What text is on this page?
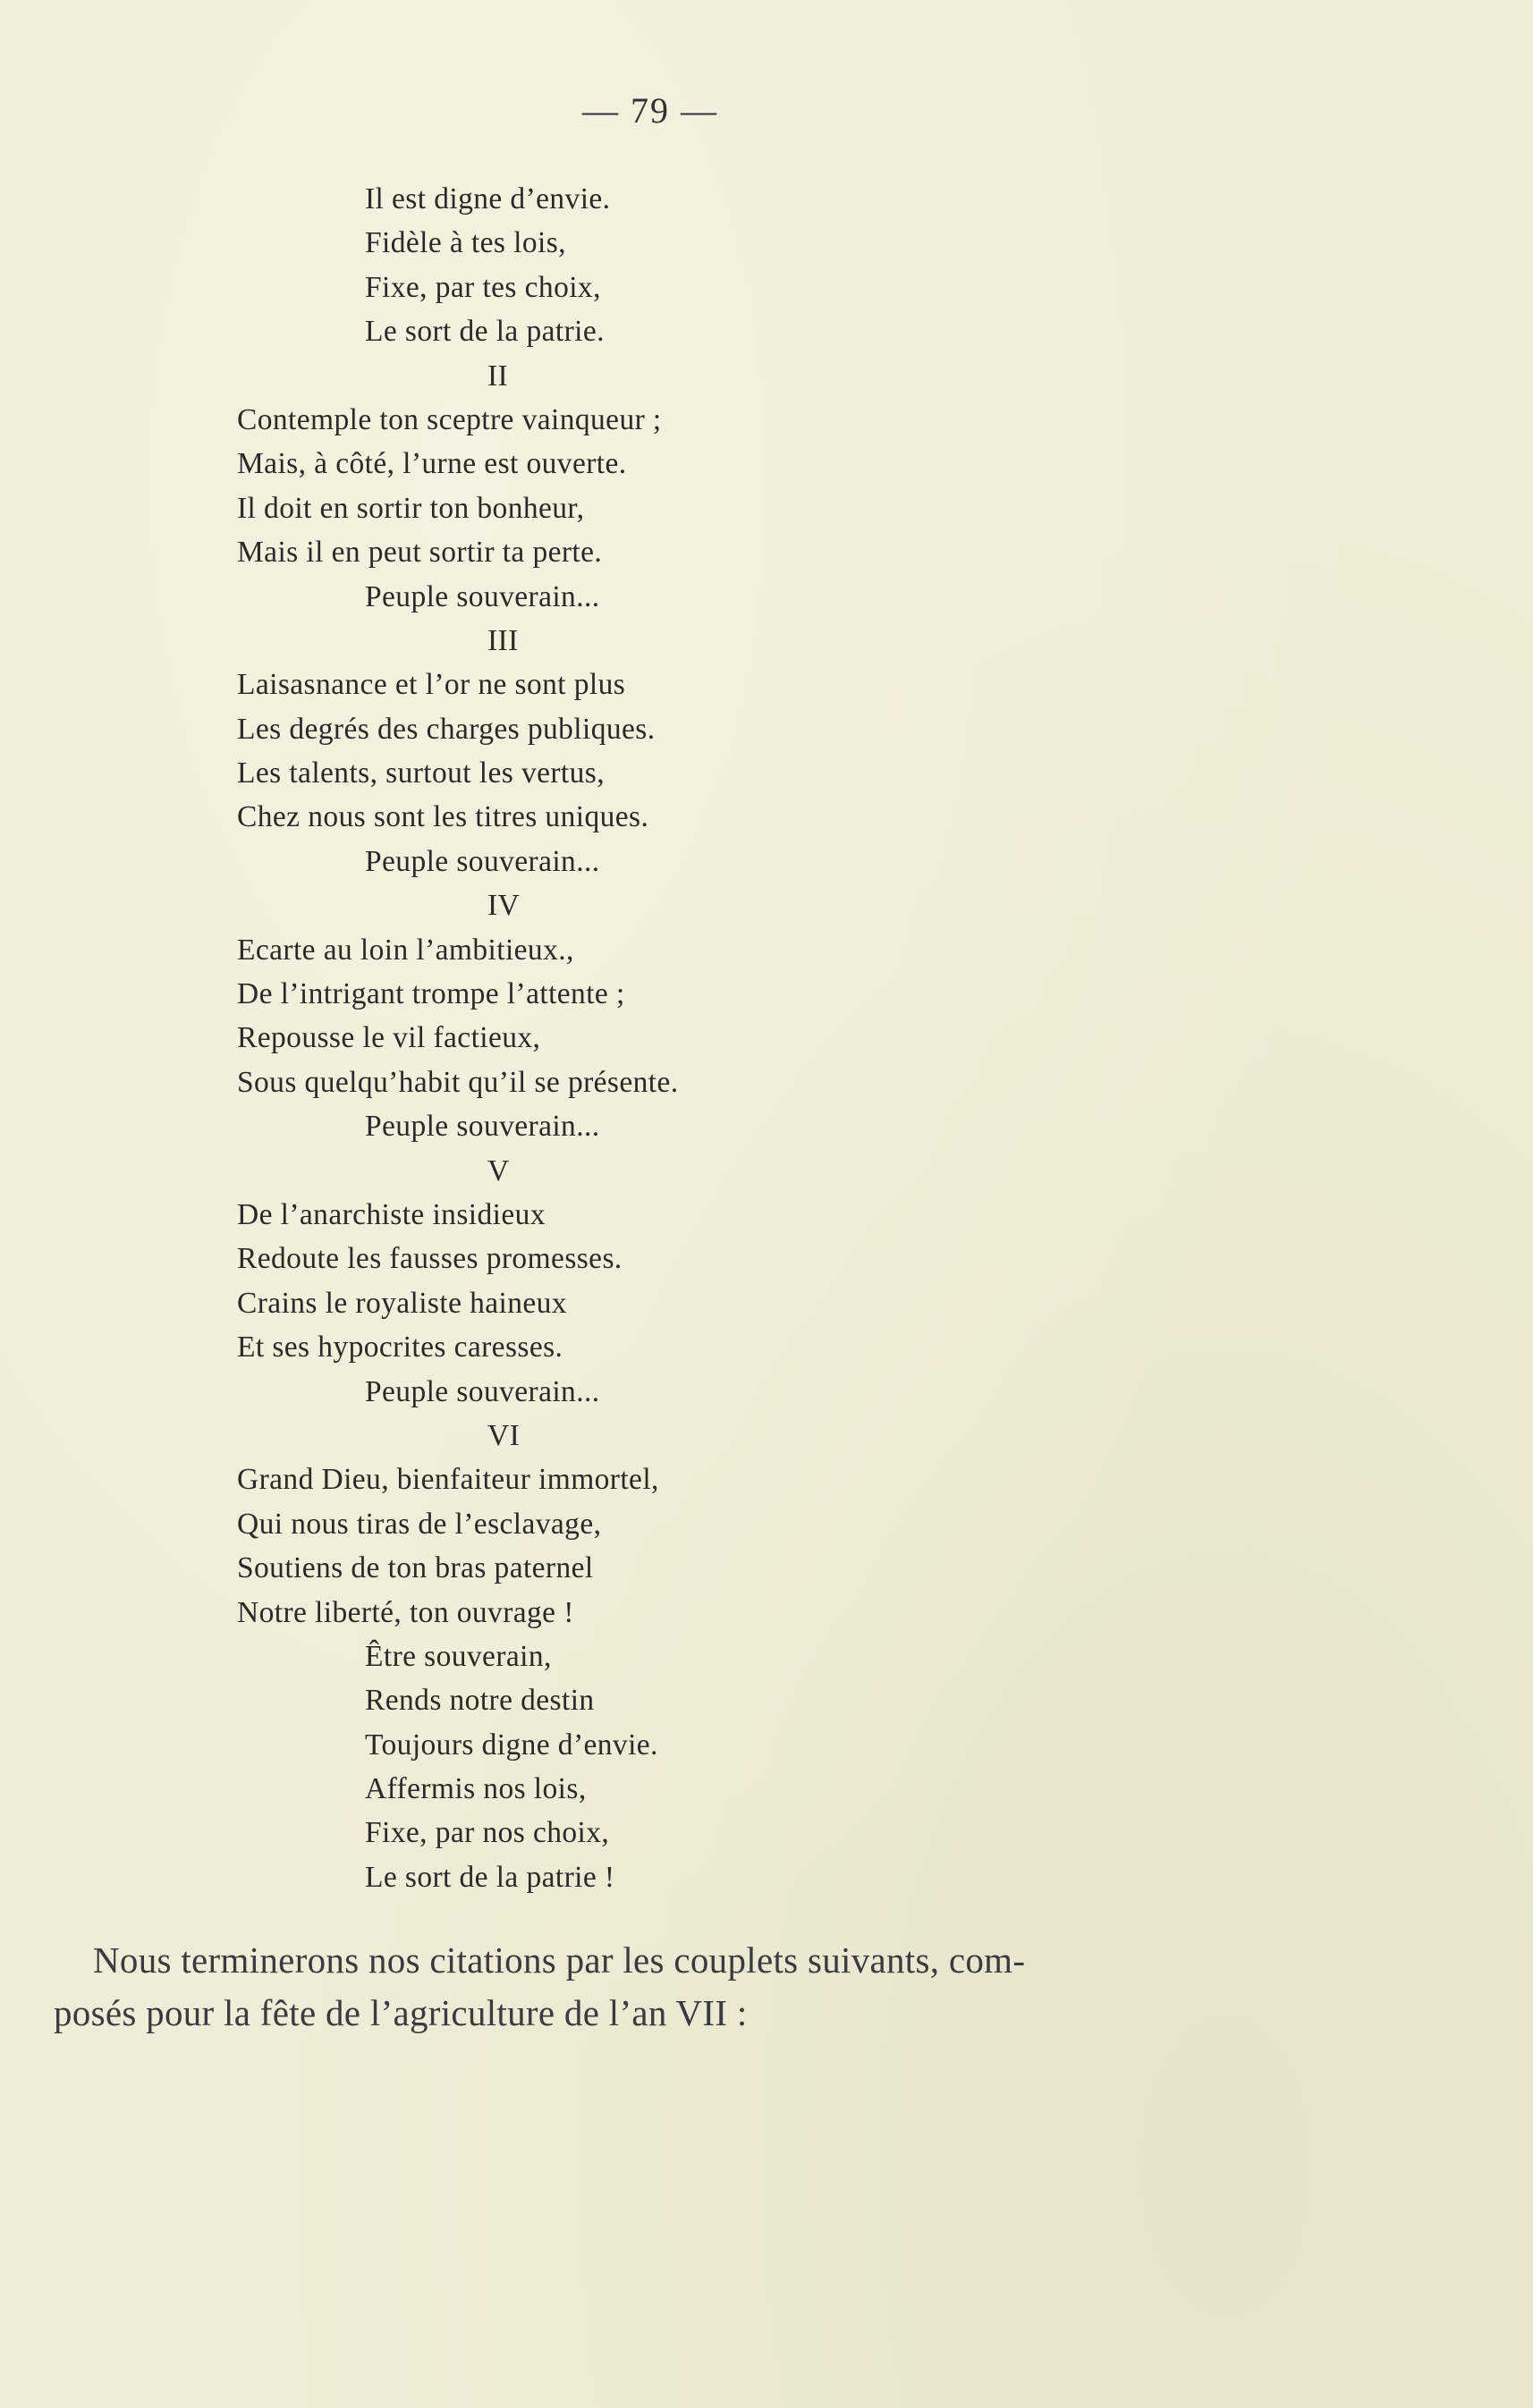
— 79 —
Il est digne d’envie.
Fidèle à tes lois,
Fixe, par tes choix,
Le sort de la patrie.
II
Contemple ton sceptre vainqueur ;
Mais, à côté, l’urne est ouverte.
Il doit en sortir ton bonheur,
Mais il en peut sortir ta perte.
Peuple souverain...
III
Laisasnance et l’or ne sont plus
Les degrés des charges publiques.
Les talents, surtout les vertus,
Chez nous sont les titres uniques.
Peuple souverain...
IV
Ecarte au loin l’ambitieux.,
De l’intrigant trompe l’attente ;
Repousse le vil factieux,
Sous quelqu’habit qu’il se présente.
Peuple souverain...
V
De l’anarchiste insidieux
Redoute les fausses promesses.
Crains le royaliste haineux
Et ses hypocrites caresses.
Peuple souverain...
VI
Grand Dieu, bienfaiteur immortel,
Qui nous tiras de l’esclavage,
Soutiens de ton bras paternel
Notre liberté, ton ouvrage !
Être souverain,
Rends notre destin
Toujours digne d’envie.
Affermis nos lois,
Fixe, par nos choix,
Le sort de la patrie !

Nous terminerons nos citations par les couplets suivants, com-
posés pour la fête de l’agriculture de l’an VII :
